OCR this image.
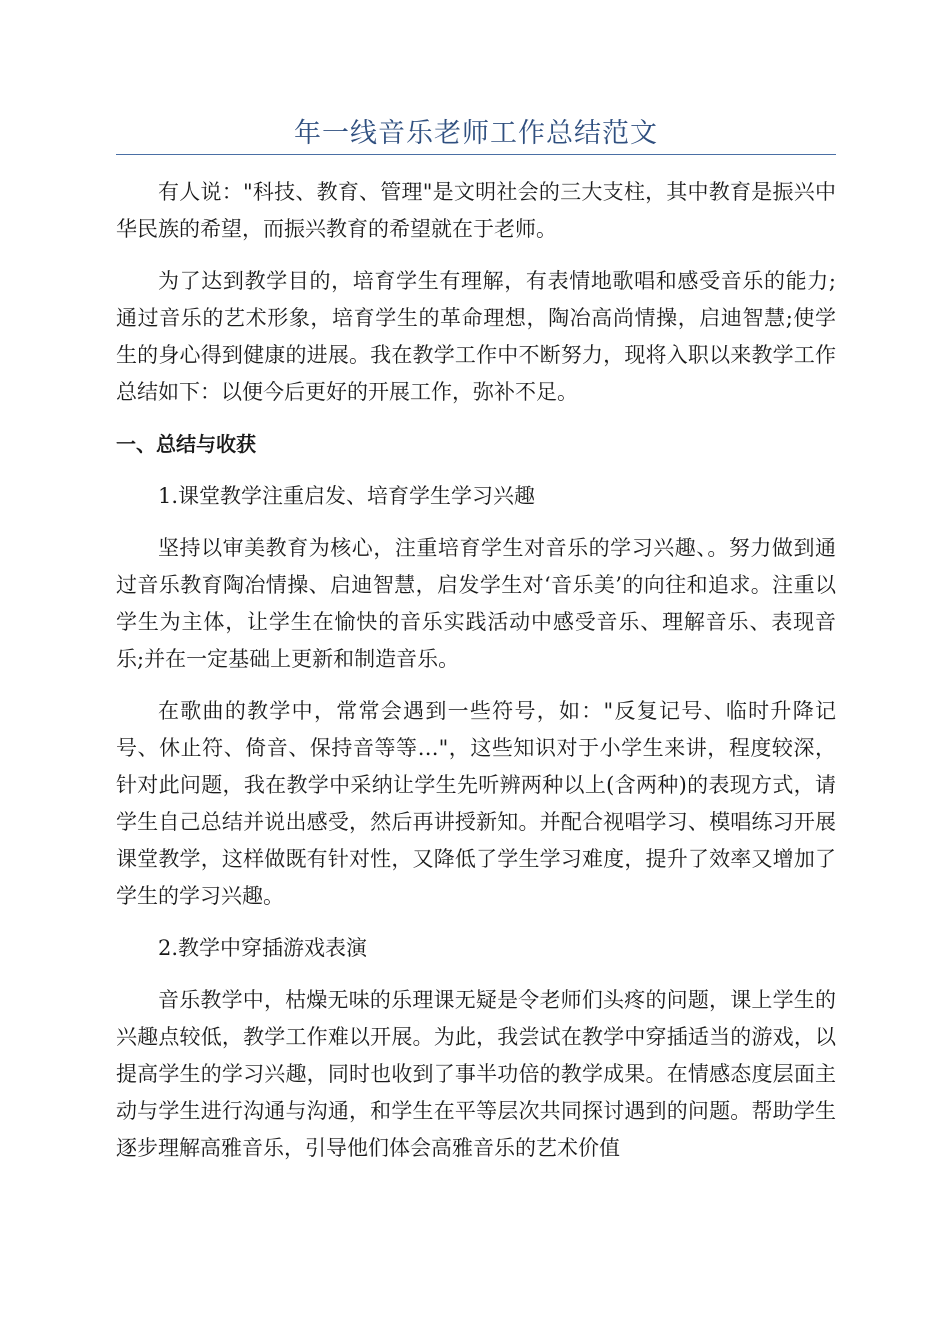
年一线音乐老师工作总结范文

有人说："科技、教育、管理"是文明社会的三大支柱，其中教育是振兴中华民族的希望，而振兴教育的希望就在于老师。

为了达到教学目的，培育学生有理解，有表情地歌唱和感受音乐的能力;通过音乐的艺术形象，培育学生的革命理想，陶冶高尚情操，启迪智慧;使学生的身心得到健康的进展。我在教学工作中不断努力，现将入职以来教学工作总结如下：以便今后更好的开展工作，弥补不足。

一、总结与收获
1.课堂教学注重启发、培育学生学习兴趣

坚持以审美教育为核心，注重培育学生对音乐的学习兴趣、。努力做到通过音乐教育陶冶情操、启迪智慧，启发学生对‘音乐美’的向往和追求。注重以学生为主体，让学生在愉快的音乐实践活动中感受音乐、理解音乐、表现音乐;并在一定基础上更新和制造音乐。

在歌曲的教学中，常常会遇到一些符号，如："反复记号、临时升降记号、休止符、倚音、保持音等等…"，这些知识对于小学生来讲，程度较深，针对此问题，我在教学中采纳让学生先听辨两种以上(含两种)的表现方式，请学生自己总结并说出感受，然后再讲授新知。并配合视唱学习、模唱练习开展课堂教学，这样做既有针对性，又降低了学生学习难度，提升了效率又增加了学生的学习兴趣。

2.教学中穿插游戏表演

音乐教学中，枯燥无味的乐理课无疑是令老师们头疼的问题，课上学生的兴趣点较低，教学工作难以开展。为此，我尝试在教学中穿插适当的游戏，以提高学生的学习兴趣，同时也收到了事半功倍的教学成果。在情感态度层面主动与学生进行沟通与沟通，和学生在平等层次共同探讨遇到的问题。帮助学生逐步理解高雅音乐，引导他们体会高雅音乐的艺术价值
